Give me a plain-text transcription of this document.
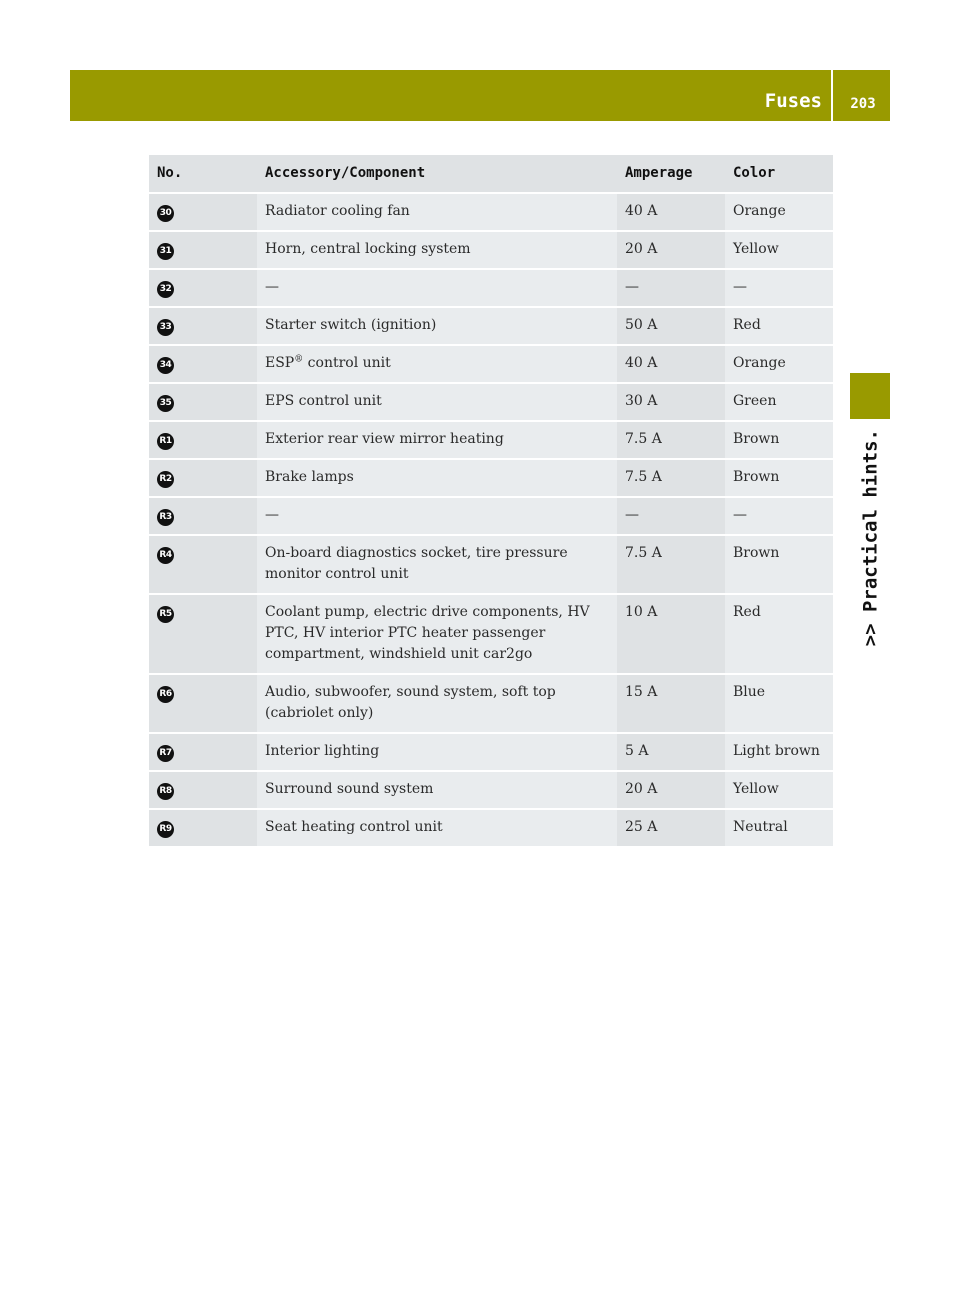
Fuses	203
>> Practical hints.
No.	Accessory/Component	Amperage	Color
30	Radiator cooling fan	40 A	Orange
31	Horn, central locking system	20 A	Yellow
32	—	—	—
33	Starter switch (ignition)	50 A	Red
34	ESP® control unit	40 A	Orange
35	EPS control unit	30 A	Green
R1	Exterior rear view mirror heating	7.5 A	Brown
R2	Brake lamps	7.5 A	Brown
R3	—	—	—
R4	On-board diagnostics socket, tire pressure monitor control unit	7.5 A	Brown
R5	Coolant pump, electric drive components, HV PTC, HV interior PTC heater passenger compartment, windshield unit car2go	10 A	Red
R6	Audio, subwoofer, sound system, soft top (cabriolet only)	15 A	Blue
R7	Interior lighting	5 A	Light brown
R8	Surround sound system	20 A	Yellow
R9	Seat heating control unit	25 A	Neutral
